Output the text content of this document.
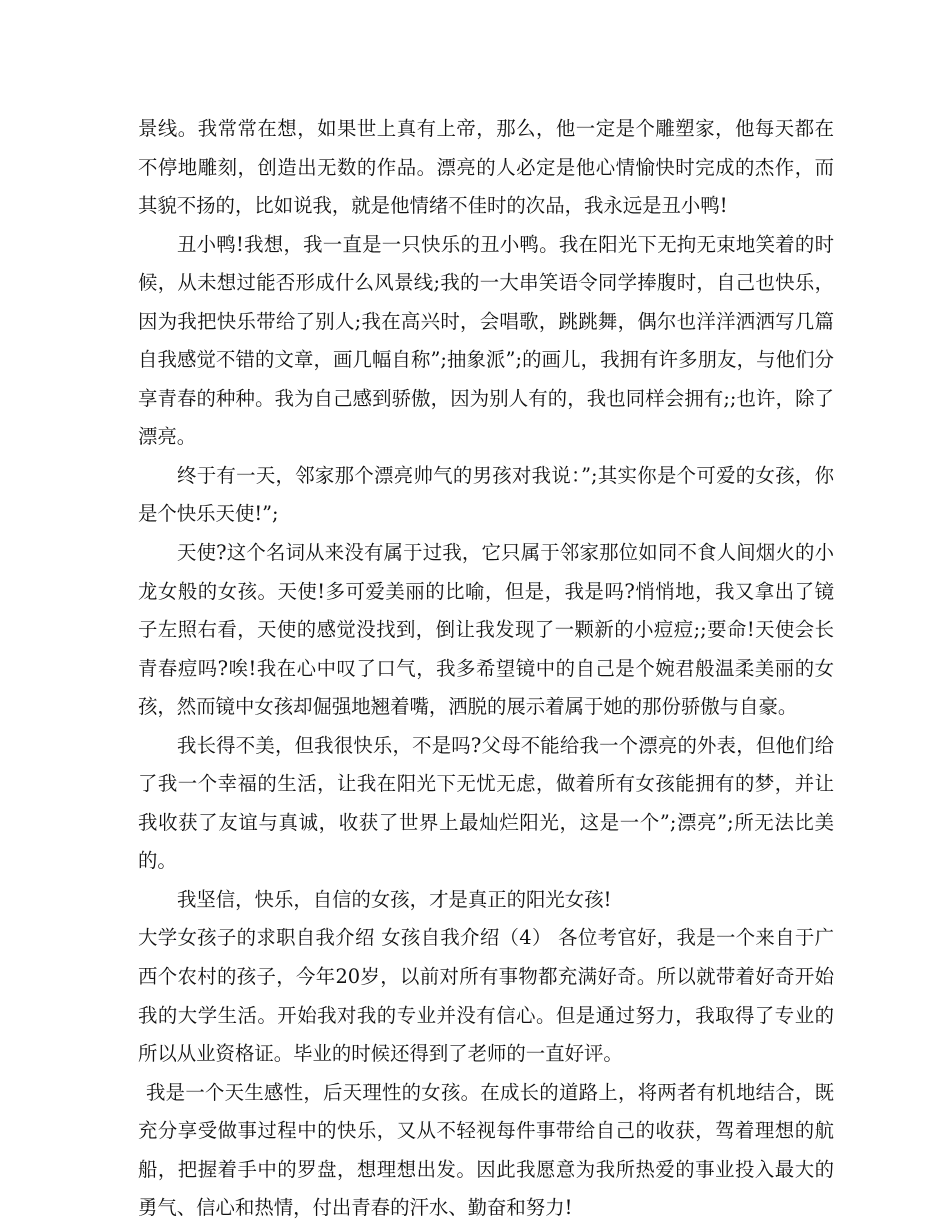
景线。我常常在想，如果世上真有上帝，那么，他一定是个雕塑家，他每天都在不停地雕刻，创造出无数的作品。漂亮的人必定是他心情愉快时完成的杰作，而其貌不扬的，比如说我，就是他情绪不佳时的次品，我永远是丑小鸭!

丑小鸭!我想，我一直是一只快乐的丑小鸭。我在阳光下无拘无束地笑着的时候，从未想过能否形成什么风景线;我的一大串笑语令同学捧腹时，自己也快乐，因为我把快乐带给了别人;我在高兴时，会唱歌，跳跳舞，偶尔也洋洋洒洒写几篇自我感觉不错的文章，画几幅自称”;抽象派”;的画儿，我拥有许多朋友，与他们分享青春的种种。我为自己感到骄傲，因为别人有的，我也同样会拥有;;也许，除了漂亮。

终于有一天，邻家那个漂亮帅气的男孩对我说：”;其实你是个可爱的女孩，你是个快乐天使!”;

天使?这个名词从来没有属于过我，它只属于邻家那位如同不食人间烟火的小龙女般的女孩。天使!多可爱美丽的比喻，但是，我是吗?悄悄地，我又拿出了镜子左照右看，天使的感觉没找到，倒让我发现了一颗新的小痘痘;;要命!天使会长青春痘吗?唉!我在心中叹了口气，我多希望镜中的自己是个婉君般温柔美丽的女孩，然而镜中女孩却倔强地翘着嘴，洒脱的展示着属于她的那份骄傲与自豪。

我长得不美，但我很快乐，不是吗?父母不能给我一个漂亮的外表，但他们给了我一个幸福的生活，让我在阳光下无忧无虑，做着所有女孩能拥有的梦，并让我收获了友谊与真诚，收获了世界上最灿烂阳光，这是一个”;漂亮”;所无法比美的。

我坚信，快乐，自信的女孩，才是真正的阳光女孩!

大学女孩子的求职自我介绍 女孩自我介绍（4） 各位考官好，我是一个来自于广西个农村的孩子，今年20岁，以前对所有事物都充满好奇。所以就带着好奇开始我的大学生活。开始我对我的专业并没有信心。但是通过努力，我取得了专业的所以从业资格证。毕业的时候还得到了老师的一直好评。

我是一个天生感性，后天理性的女孩。在成长的道路上，将两者有机地结合，既充分享受做事过程中的快乐，又从不轻视每件事带给自己的收获，驾着理想的航船，把握着手中的罗盘，想理想出发。因此我愿意为我所热爱的事业投入最大的勇气、信心和热情，付出青春的汗水、勤奋和努力!
